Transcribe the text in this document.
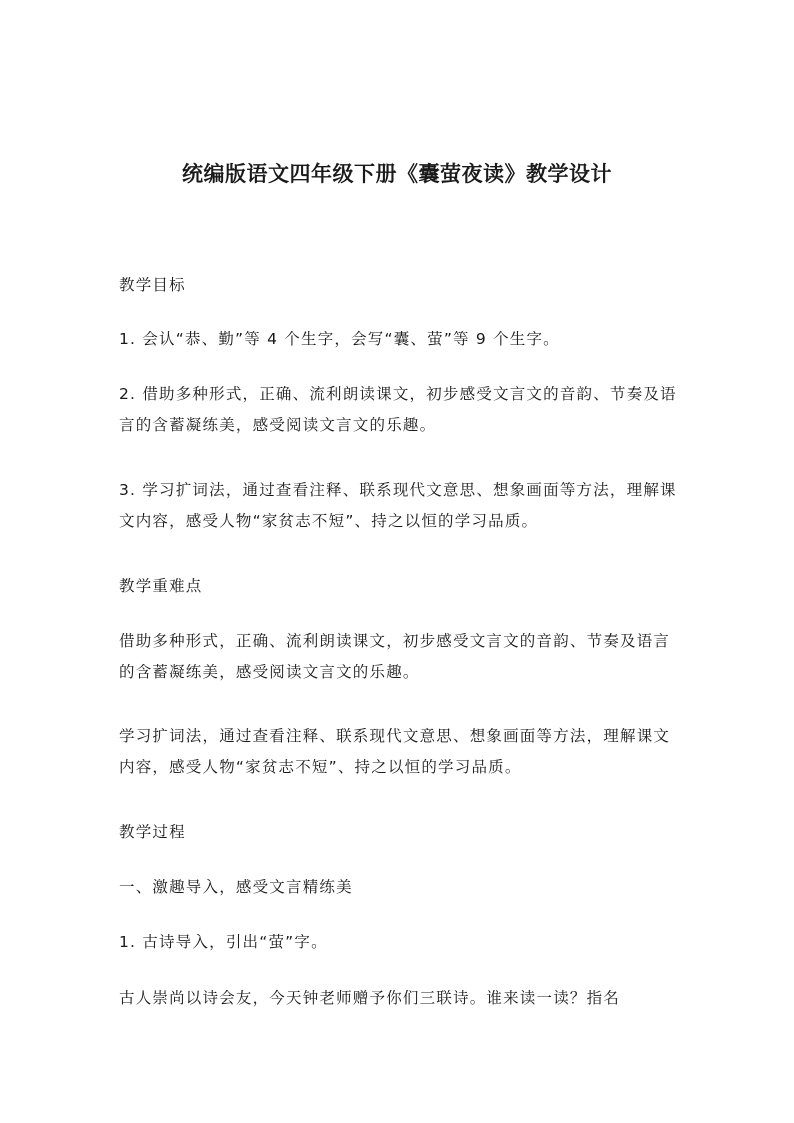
统编版语文四年级下册《囊萤夜读》教学设计

教学目标

1. 会认“恭、勤”等 4 个生字，会写“囊、萤”等 9 个生字。

2. 借助多种形式，正确、流利朗读课文，初步感受文言文的音韵、节奏及语言的含蓄凝练美，感受阅读文言文的乐趣。

3. 学习扩词法，通过查看注释、联系现代文意思、想象画面等方法，理解课文内容，感受人物“家贫志不短”、持之以恒的学习品质。

教学重难点

借助多种形式，正确、流利朗读课文，初步感受文言文的音韵、节奏及语言的含蓄凝练美，感受阅读文言文的乐趣。

学习扩词法，通过查看注释、联系现代文意思、想象画面等方法，理解课文内容，感受人物“家贫志不短”、持之以恒的学习品质。

教学过程

一、激趣导入，感受文言精练美

1. 古诗导入，引出“萤”字。

古人崇尚以诗会友，今天钟老师赠予你们三联诗。谁来读一读？指名
